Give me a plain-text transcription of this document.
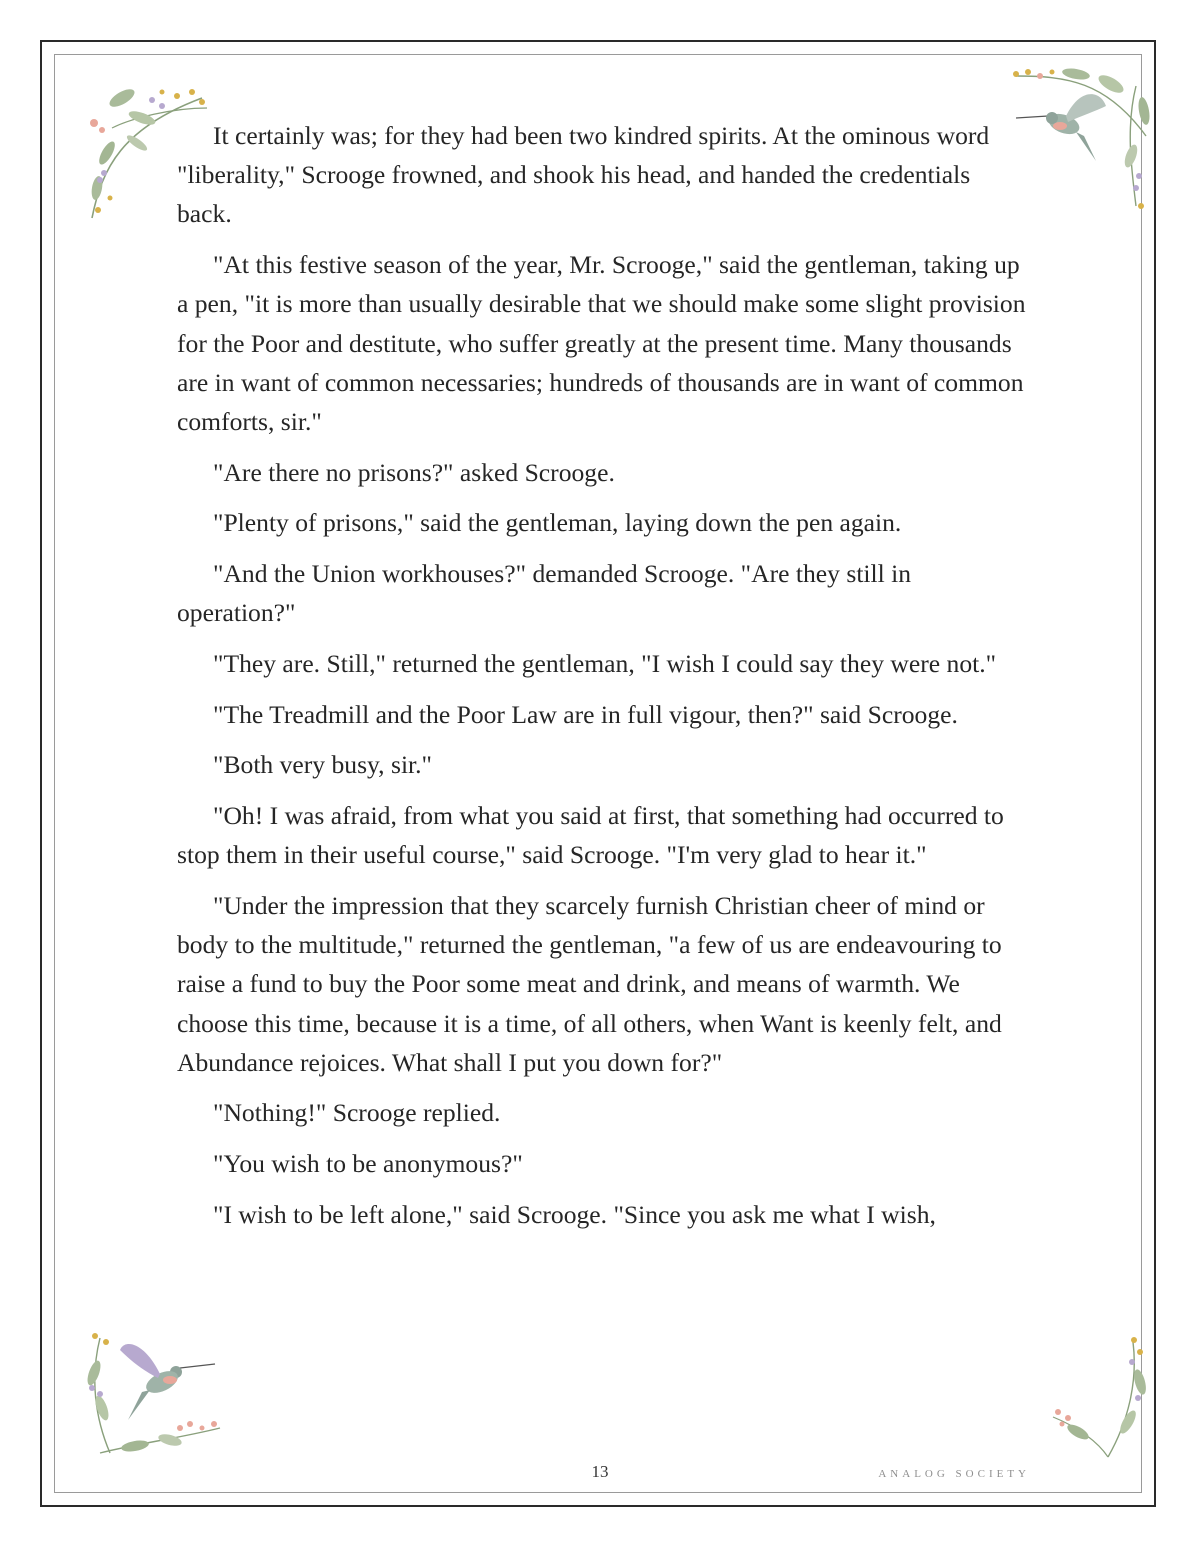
It certainly was; for they had been two kindred spirits. At the ominous word "liberality," Scrooge frowned, and shook his head, and handed the credentials back.

"At this festive season of the year, Mr. Scrooge," said the gentleman, taking up a pen, "it is more than usually desirable that we should make some slight provision for the Poor and destitute, who suffer greatly at the present time. Many thousands are in want of common necessaries; hundreds of thousands are in want of common comforts, sir."

"Are there no prisons?" asked Scrooge.

"Plenty of prisons," said the gentleman, laying down the pen again.

"And the Union workhouses?" demanded Scrooge. "Are they still in operation?"

"They are. Still," returned the gentleman, "I wish I could say they were not."

"The Treadmill and the Poor Law are in full vigour, then?" said Scrooge.

"Both very busy, sir."

"Oh! I was afraid, from what you said at first, that something had occurred to stop them in their useful course," said Scrooge. "I'm very glad to hear it."

"Under the impression that they scarcely furnish Christian cheer of mind or body to the multitude," returned the gentleman, "a few of us are endeavouring to raise a fund to buy the Poor some meat and drink, and means of warmth. We choose this time, because it is a time, of all others, when Want is keenly felt, and Abundance rejoices. What shall I put you down for?"

"Nothing!" Scrooge replied.

"You wish to be anonymous?"

"I wish to be left alone," said Scrooge. "Since you ask me what I wish,

13	ANALOG SOCIETY
